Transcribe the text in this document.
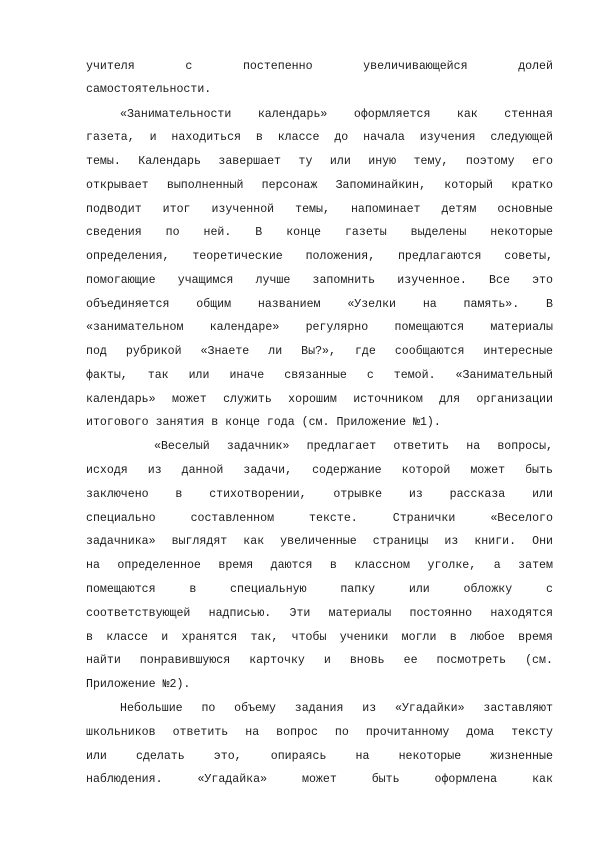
учителя	с	постепенно	увеличивающейся	долей
самостоятельности.
«Занимательности календарь» оформляется как стенная
газета, и находиться в классе до начала изучения следующей
темы. Календарь завершает ту или иную тему, поэтому его
открывает выполненный персонаж Запоминайкин, который кратко
подводит итог изученной темы, напоминает детям основные
сведения по ней. В конце газеты выделены некоторые
определения, теоретические положения, предлагаются советы,
помогающие учащимся лучше запомнить изученное. Все это
объединяется общим названием «Узелки на память». В
«занимательном календаре» регулярно помещаются материалы
под рубрикой «Знаете ли Вы?», где сообщаются интересные
факты, так или иначе связанные с темой. «Занимательный
календарь» может служить хорошим источником для организации
итогового занятия в конце года (см. Приложение №1).
«Веселый задачник» предлагает ответить на вопросы,
исходя из данной задачи, содержание которой может быть
заключено в стихотворении, отрывке из рассказа или
специально	составленном	тексте.	Странички	«Веселого
задачника» выглядят как увеличенные страницы из книги. Они
на определенное время даются в классном уголке, а затем
помещаются	в	специальную	папку	или	обложку	с
соответствующей надписью. Эти материалы постоянно находятся
в классе и хранятся так, чтобы ученики могли в любое время
найти понравившуюся карточку и вновь ее посмотреть (см.
Приложение №2).
Небольшие по объему задания из «Угадайки» заставляют
школьников ответить на вопрос по прочитанному дома тексту
или	сделать	это,	опираясь	на	некоторые	жизненные
наблюдения.	«Угадайка»	может	быть	оформлена	как
